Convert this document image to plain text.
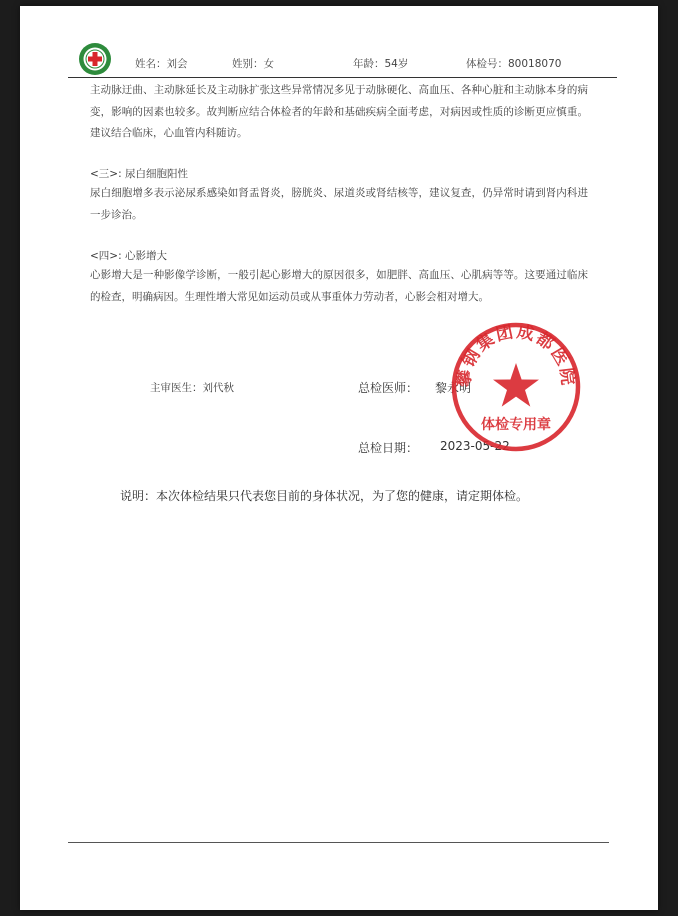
姓名：刘会	姓别：女	年龄：54岁	体检号：80018070
主动脉迂曲、主动脉延长及主动脉扩张这些异常情况多见于动脉硬化、高血压、各种心脏和主动脉本身的病变，影响的因素也较多。故判断应结合体检者的年龄和基础疾病全面考虑，对病因或性质的诊断更应慎重。建议结合临床，心血管内科随访。
<三>: 尿白细胞阳性
尿白细胞增多表示泌尿系感染如肾盂肾炎，膀胱炎、尿道炎或肾结核等，建议复查，仍异常时请到肾内科进一步诊治。
<四>: 心影增大
心影增大是一种影像学诊断，一般引起心影增大的原因很多，如肥胖、高血压、心肌病等等。这要通过临床的检查，明确病因。生理性增大常见如运动员或从事重体力劳动者，心影会相对增大。
主审医生：刘代秋	总检医师： 黎永明
总检日期： 2023-05-22
攀钢集团成都医院
体检专用章
说明：本次体检结果只代表您目前的身体状况，为了您的健康，请定期体检。
